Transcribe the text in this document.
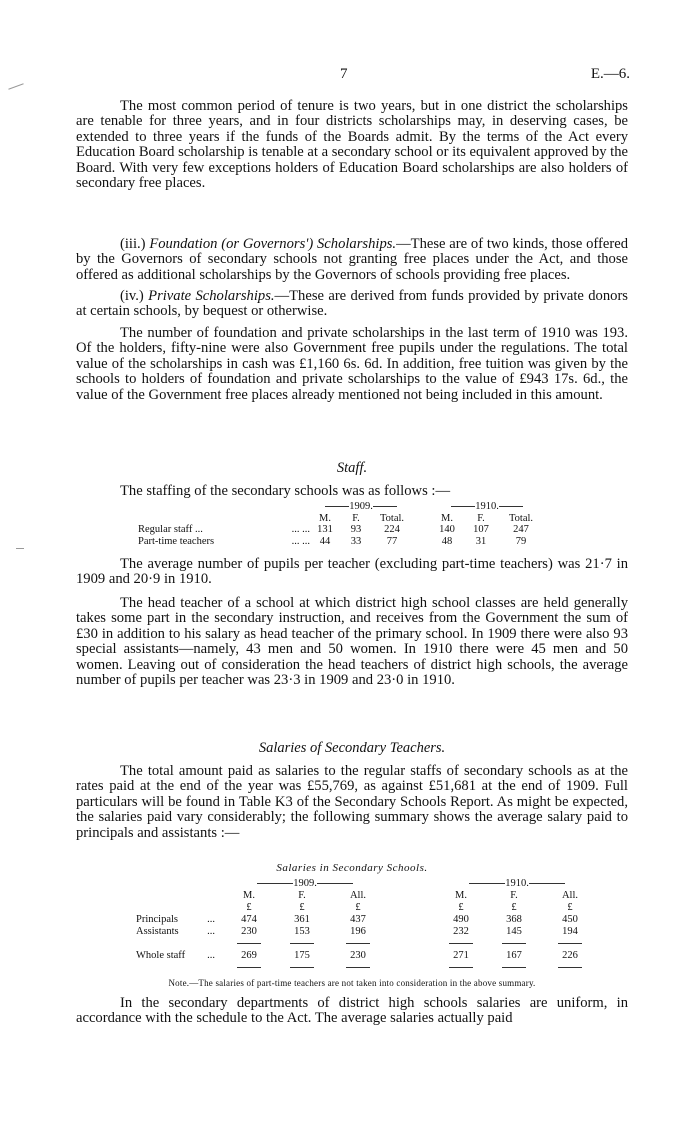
7	E.—6.

The most common period of tenure is two years, but in one district the scholarships are tenable for three years, and in four districts scholarships may, in deserving cases, be extended to three years if the funds of the Boards admit. By the terms of the Act every Education Board scholarship is tenable at a secondary school or its equivalent approved by the Board. With very few exceptions holders of Education Board scholarships are also holders of secondary free places.

(iii.) Foundation (or Governors') Scholarships.—These are of two kinds, those offered by the Governors of secondary schools not granting free places under the Act, and those offered as additional scholarships by the Governors of schools providing free places.

(iv.) Private Scholarships.—These are derived from funds provided by private donors at certain schools, by bequest or otherwise.

The number of foundation and private scholarships in the last term of 1910 was 193. Of the holders, fifty-nine were also Government free pupils under the regulations. The total value of the scholarships in cash was £1,160 6s. 6d. In addition, free tuition was given by the schools to holders of foundation and private scholarships to the value of £943 17s. 6d., the value of the Government free places already mentioned not being included in this amount.

Staff.

The staffing of the secondary schools was as follows :—

		1909.				1910.		
		M.	F.	Total.		M.	F.	Total.
Regular staff ...	... ...	131	93	224		140	107	247
Part-time teachers	... ...	44	33	77		48	31	79

The average number of pupils per teacher (excluding part-time teachers) was 21·7 in 1909 and 20·9 in 1910.

The head teacher of a school at which district high school classes are held generally takes some part in the secondary instruction, and receives from the Government the sum of £30 in addition to his salary as head teacher of the primary school. In 1909 there were also 93 special assistants—namely, 43 men and 50 women. In 1910 there were 45 men and 50 women. Leaving out of consideration the head teachers of district high schools, the average number of pupils per teacher was 23·3 in 1909 and 23·0 in 1910.

Salaries of Secondary Teachers.

The total amount paid as salaries to the regular staffs of secondary schools as at the rates paid at the end of the year was £55,769, as against £51,681 at the end of 1909. Full particulars will be found in Table K3 of the Secondary Schools Report. As might be expected, the salaries paid vary considerably; the following summary shows the average salary paid to principals and assistants :—

Salaries in Secondary Schools.
		1909.				1910.		
		M.	F.	All.		M.	F.	All.
		£	£	£		£	£	£
Principals	...	474	361	437		490	368	450
Assistants	...	230	153	196		232	145	194

Whole staff	...	269	175	230		271	167	226

Note.—The salaries of part-time teachers are not taken into consideration in the above summary.

In the secondary departments of district high schools salaries are uniform, in accordance with the schedule to the Act. The average salaries actually paid
